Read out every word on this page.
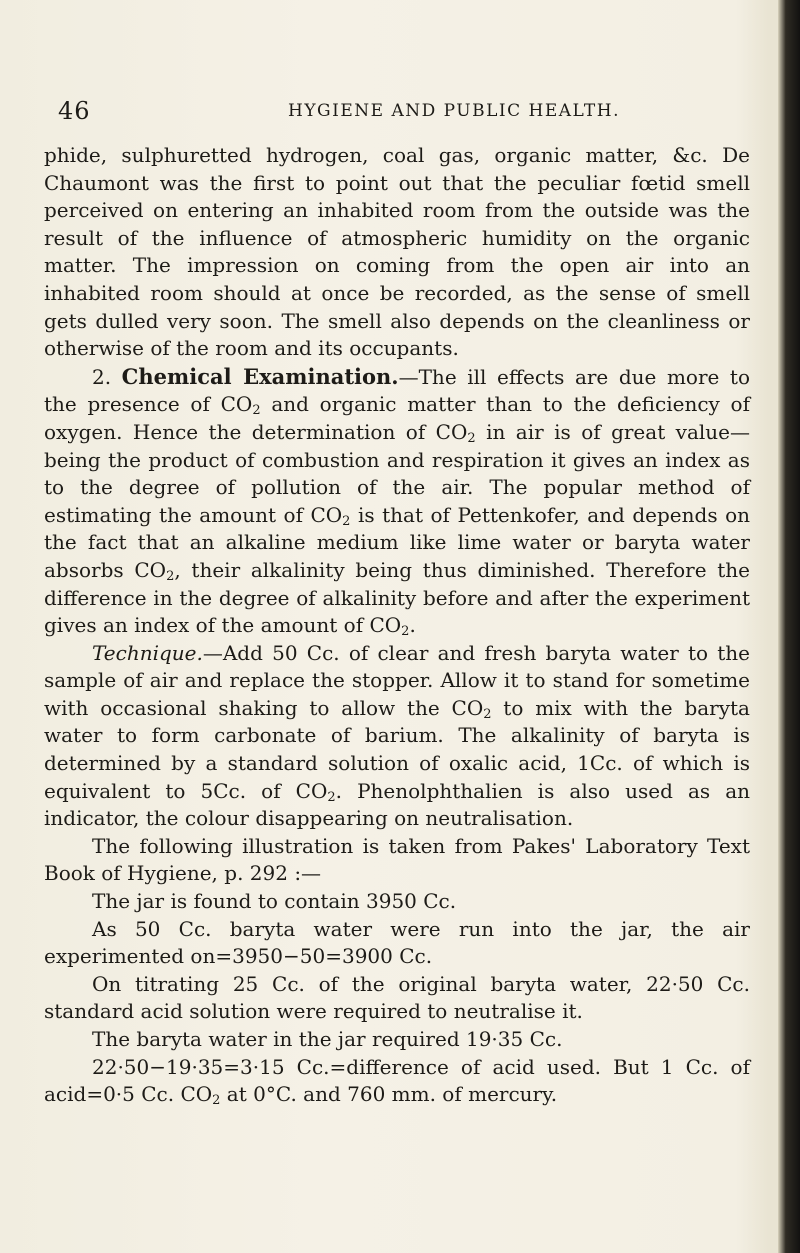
46	HYGIENE AND PUBLIC HEALTH.

phide, sulphuretted hydrogen, coal gas, organic matter, &c. De Chaumont was the first to point out that the peculiar fœtid smell perceived on entering an inhabited room from the outside was the result of the influence of atmospheric humidity on the organic matter. The impression on coming from the open air into an inhabited room should at once be recorded, as the sense of smell gets dulled very soon. The smell also depends on the cleanliness or otherwise of the room and its occupants.

2. Chemical Examination.—The ill effects are due more to the presence of $CO_2$ and organic matter than to the deficiency of oxygen. Hence the determination of $CO_2$ in air is of great value—being the product of combustion and respiration it gives an index as to the degree of pollution of the air. The popular method of estimating the amount of $CO_2$ is that of Pettenkofer, and depends on the fact that an alkaline medium like lime water or baryta water absorbs $CO_2$, their alkalinity being thus diminished. Therefore the difference in the degree of alkalinity before and after the experiment gives an index of the amount of $CO_2$.

Technique.—Add 50 Cc. of clear and fresh baryta water to the sample of air and replace the stopper. Allow it to stand for sometime with occasional shaking to allow the $CO_2$ to mix with the baryta water to form carbonate of barium. The alkalinity of baryta is determined by a standard solution of oxalic acid, 1Cc. of which is equivalent to 5Cc. of $CO_2$. Phenolphthalien is also used as an indicator, the colour disappearing on neutralisation.

The following illustration is taken from Pakes' Laboratory Text Book of Hygiene, p. 292 :—

The jar is found to contain 3950 Cc.

As 50 Cc. baryta water were run into the jar, the air experimented on=3950−50=3900 Cc.

On titrating 25 Cc. of the original baryta water, 22·50 Cc. standard acid solution were required to neutralise it.

The baryta water in the jar required 19·35 Cc.

22·50−19·35=3·15 Cc.=difference of acid used. But 1 Cc. of acid=0·5 Cc. $CO_2$ at 0°C. and 760 mm. of mercury.
